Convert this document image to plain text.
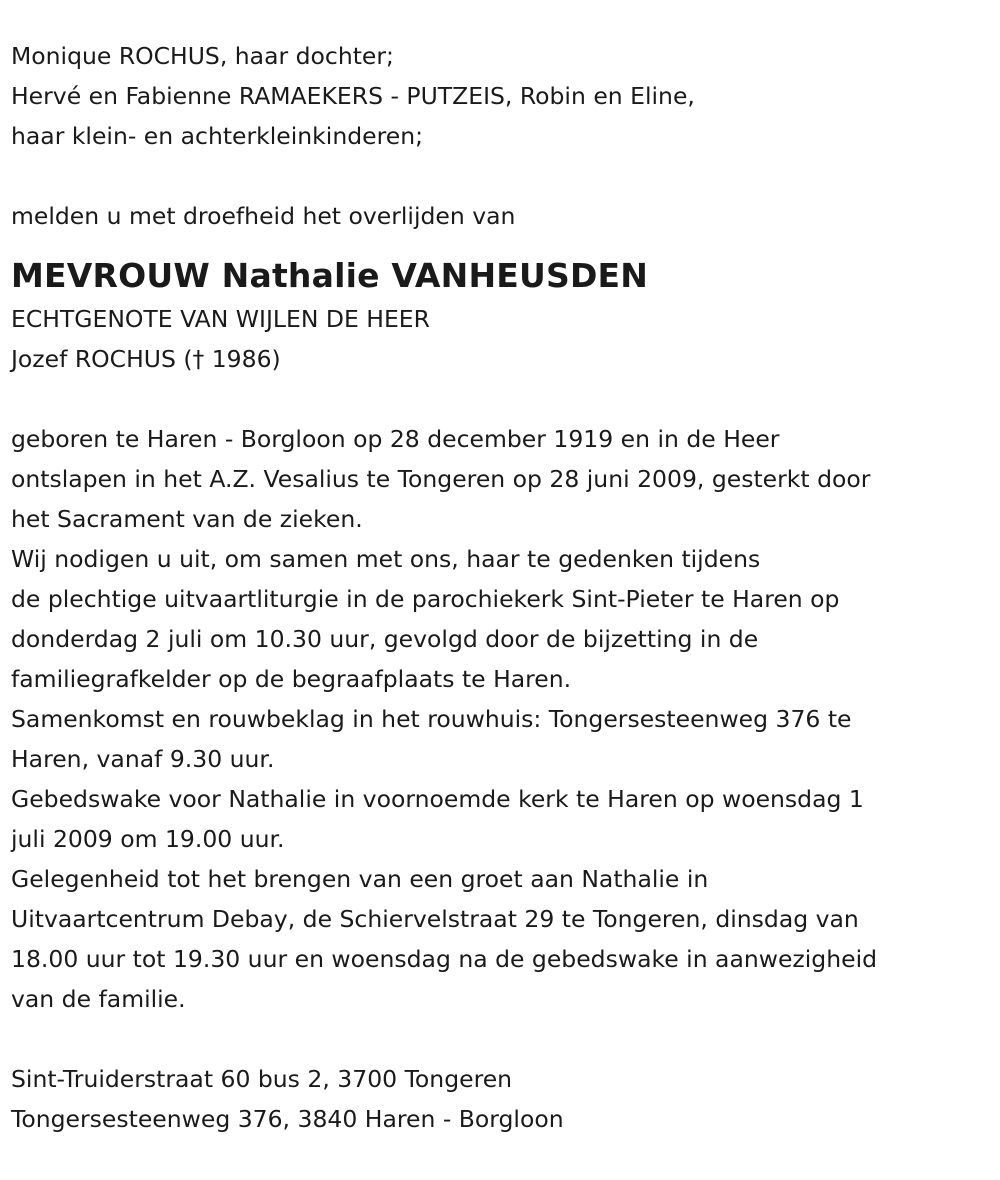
Monique ROCHUS, haar dochter;
Hervé en Fabienne RAMAEKERS - PUTZEIS, Robin en Eline,
haar klein- en achterkleinkinderen;
melden u met droefheid het overlijden van
MEVROUW Nathalie VANHEUSDEN
ECHTGENOTE VAN WIJLEN DE HEER
Jozef ROCHUS († 1986)
geboren te Haren - Borgloon op 28 december 1919 en in de Heer
ontslapen in het A.Z. Vesalius te Tongeren op 28 juni 2009, gesterkt door
het Sacrament van de zieken.
Wij nodigen u uit, om samen met ons, haar te gedenken tijdens
de plechtige uitvaartliturgie in de parochiekerk Sint-Pieter te Haren op
donderdag 2 juli om 10.30 uur, gevolgd door de bijzetting in de
familiegrafkelder op de begraafplaats te Haren.
Samenkomst en rouwbeklag in het rouwhuis: Tongersesteenweg 376 te
Haren, vanaf 9.30 uur.
Gebedswake voor Nathalie in voornoemde kerk te Haren op woensdag 1
juli 2009 om 19.00 uur.
Gelegenheid tot het brengen van een groet aan Nathalie in
Uitvaartcentrum Debay, de Schiervelstraat 29 te Tongeren, dinsdag van
18.00 uur tot 19.30 uur en woensdag na de gebedswake in aanwezigheid
van de familie.
Sint-Truiderstraat 60 bus 2, 3700 Tongeren
Tongersesteenweg 376, 3840 Haren - Borgloon
